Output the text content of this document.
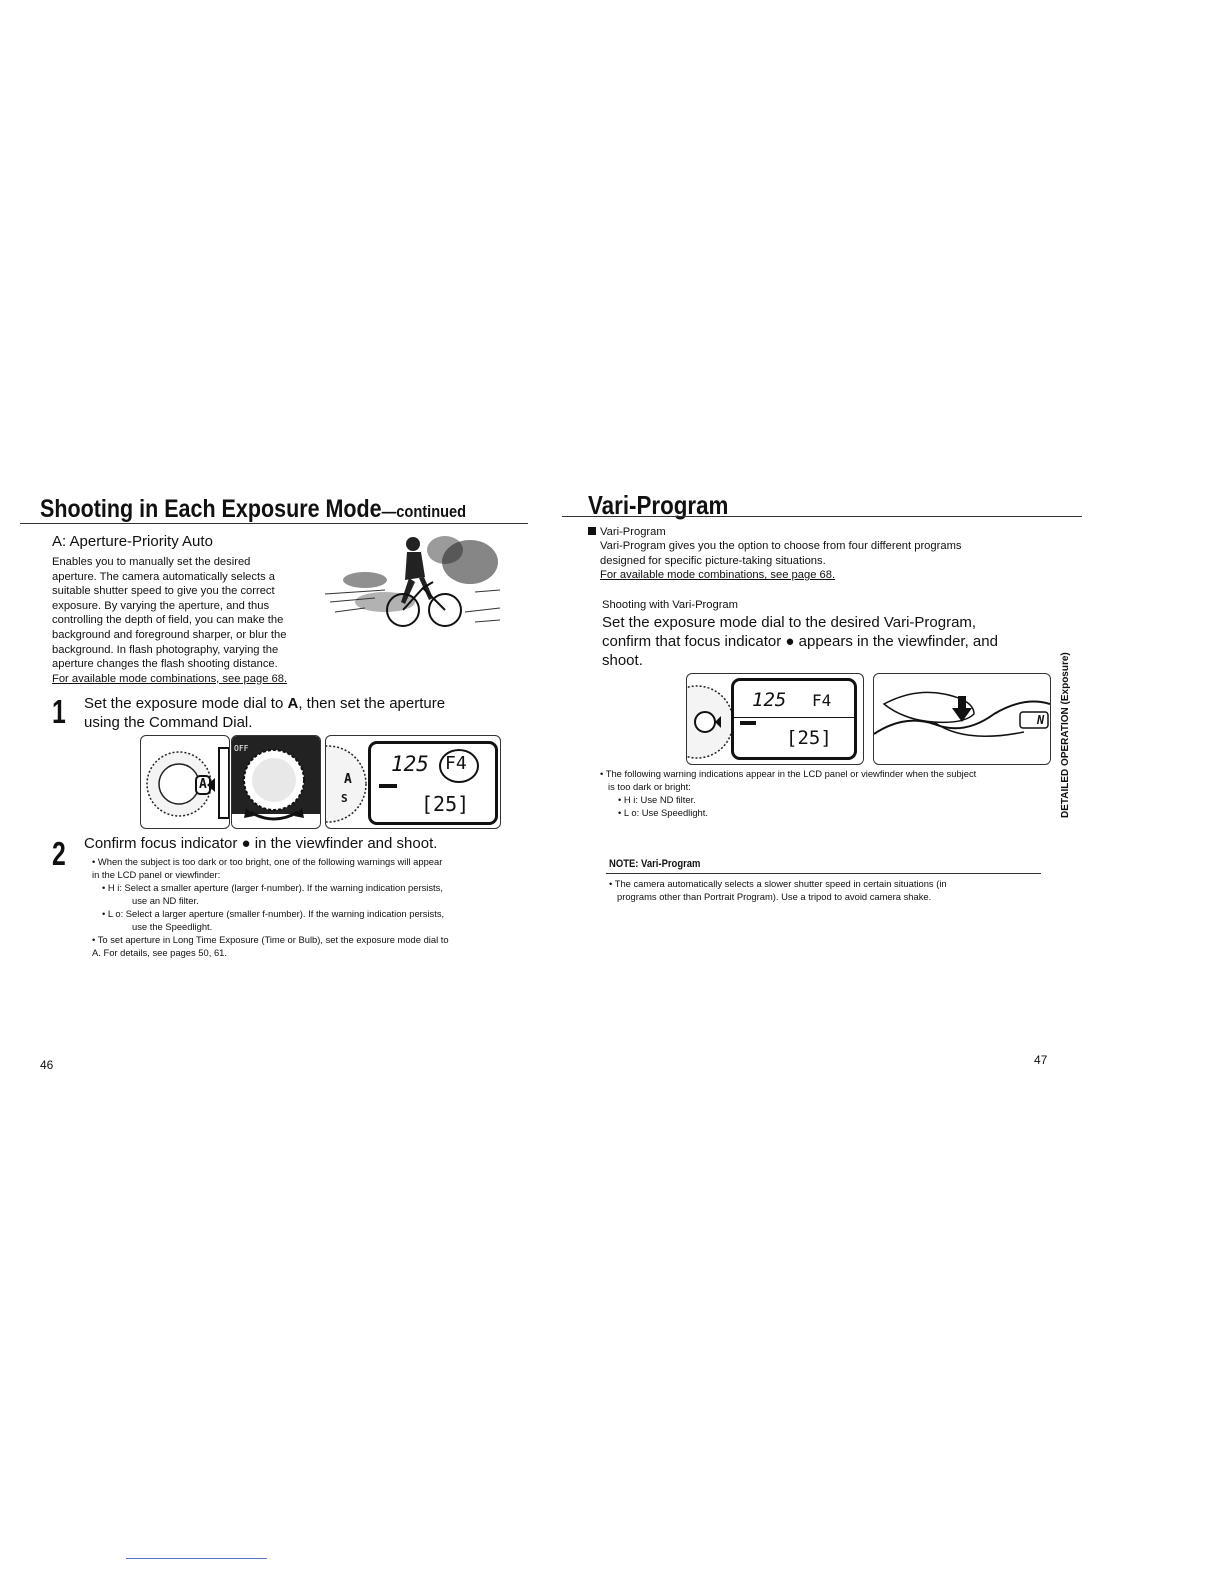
Shooting in Each Exposure Mode—continued
A: Aperture-Priority Auto
Enables you to manually set the desired
aperture. The camera automatically selects a
suitable shutter speed to give you the correct
exposure. By varying the aperture, and thus
controlling the depth of field, you can make the
background and foreground sharper, or blur the
background. In flash photography, varying the
aperture changes the flash shooting distance.
For available mode combinations, see page 68.
1 Set the exposure mode dial to A, then set the aperture
using the Command Dial.
A
OFF
A
S
125 F4
[25]
2 Confirm focus indicator ● in the viewfinder and shoot.
• When the subject is too dark or too bright, one of the following warnings will appear
in the LCD panel or viewfinder:
• H i: Select a smaller aperture (larger f-number). If the warning indication persists,
use an ND filter.
• L o: Select a larger aperture (smaller f-number). If the warning indication persists,
use the Speedlight.
• To set aperture in Long Time Exposure (Time or Bulb), set the exposure mode dial to
A. For details, see pages 50, 61.
46
Vari-Program
Vari-Program
Vari-Program gives you the option to choose from four different programs
designed for specific picture-taking situations.
For available mode combinations, see page 68.
Shooting with Vari-Program
Set the exposure mode dial to the desired Vari-Program,
confirm that focus indicator ● appears in the viewfinder, and
shoot.
125 F4
[25]
N
• The following warning indications appear in the LCD panel or viewfinder when the subject
is too dark or bright:
• H i: Use ND filter.
• L o: Use Speedlight.
NOTE: Vari-Program
• The camera automatically selects a slower shutter speed in certain situations (in
programs other than Portrait Program). Use a tripod to avoid camera shake.
DETAILED OPERATION (Exposure)
47
